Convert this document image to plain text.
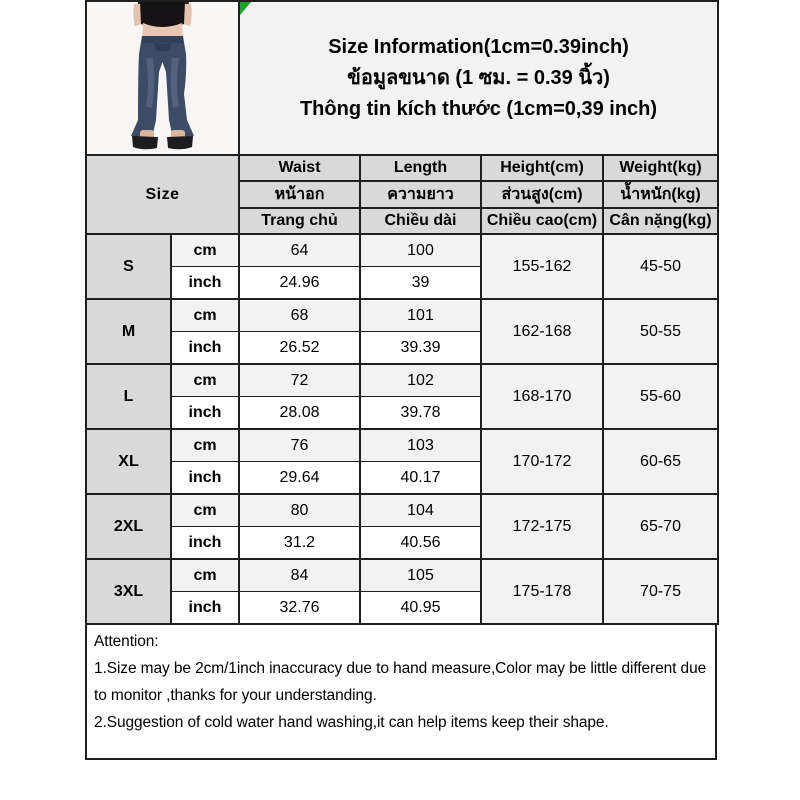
Size Information(1cm=0.39inch)
ข้อมูลขนาด (1 ซม. = 0.39 นิ้ว)
Thông tin kích thước (1cm=0,39 inch)			

Size		Waist	Length	Height(cm)	Weight(kg)
		หน้าอก	ความยาว	ส่วนสูง(cm)	น้ำหนัก(kg)
		Trang chủ	Chiều dài	Chiều cao(cm)	Cân nặng(kg)
S	cm	64	100	155-162	45-50
	inch	24.96	39		
M	cm	68	101	162-168	50-55
	inch	26.52	39.39		
L	cm	72	102	168-170	55-60
	inch	28.08	39.78		
XL	cm	76	103	170-172	60-65
	inch	29.64	40.17		
2XL	cm	80	104	172-175	65-70
	inch	31.2	40.56		
3XL	cm	84	105	175-178	70-75
	inch	32.76	40.95		
Attention:
1.Size may be 2cm/1inch inaccuracy due to hand measure,Color may be little different due to monitor ,thanks for your understanding.
2.Suggestion of cold water hand washing,it can help items keep their shape.
